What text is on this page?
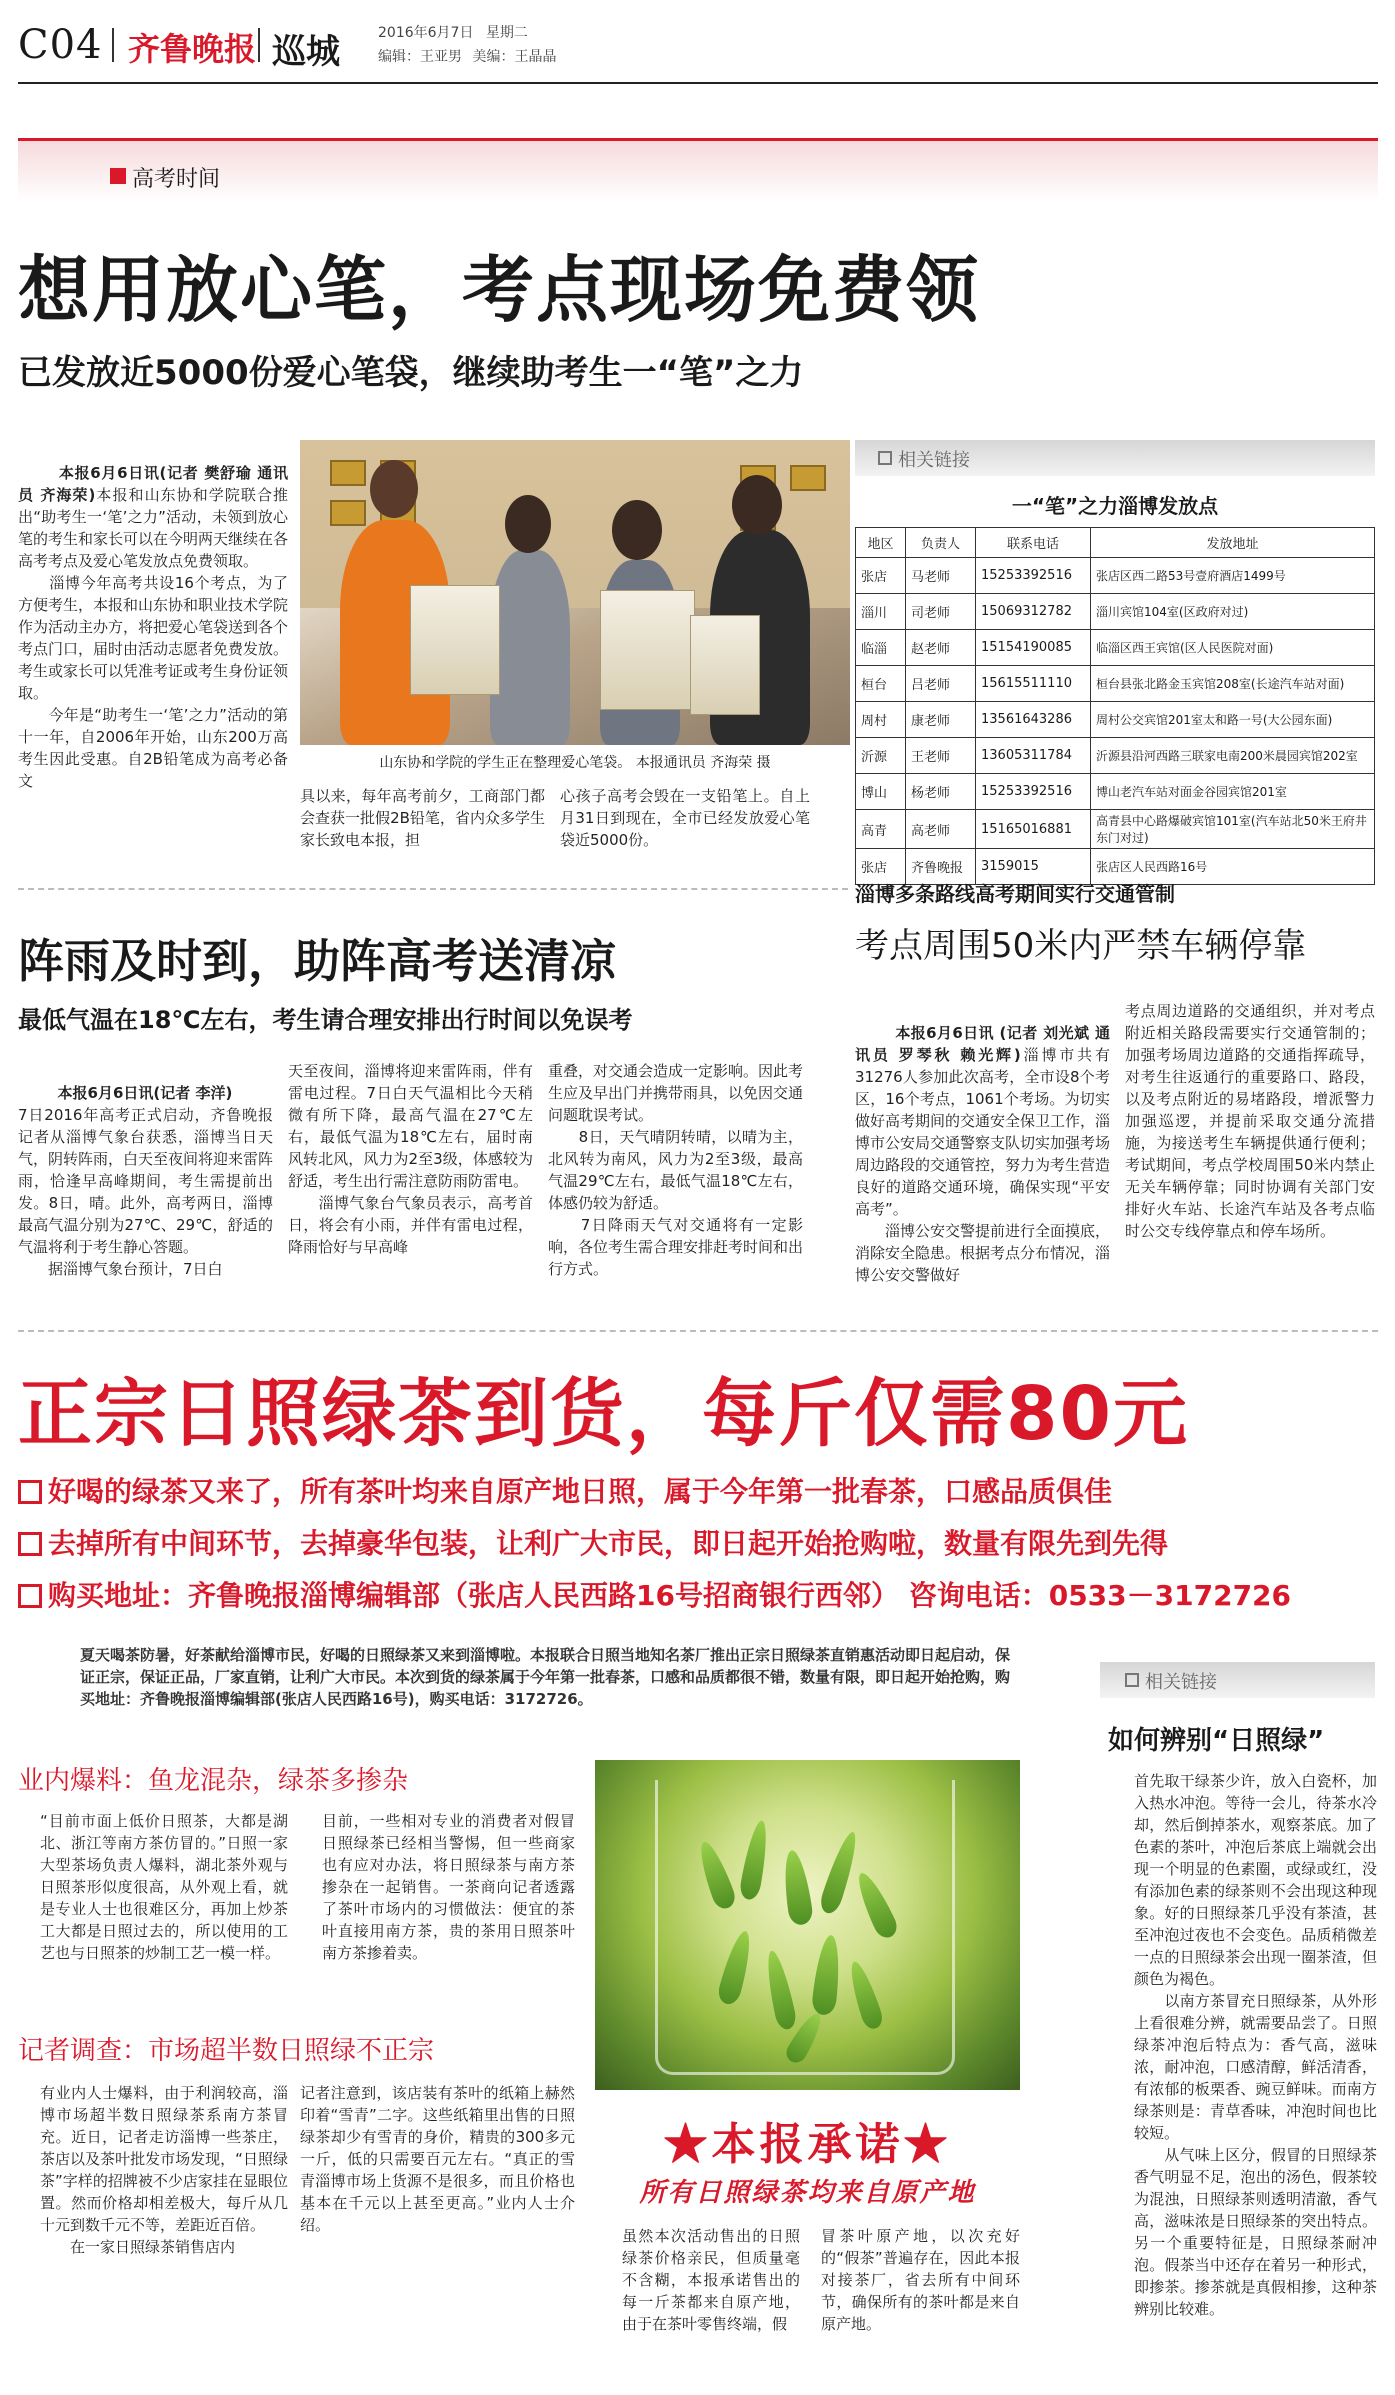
C04 齐鲁晚报 巡城	2016年6月7日 星期二
编辑：王亚男 美编：王晶晶
高考时间
想用放心笔，考点现场免费领
已发放近5000份爱心笔袋，继续助考生一“笔”之力

本报6月6日讯(记者 樊舒瑜 通讯员 齐海荣)本报和山东协和学院联合推出“助考生一‘笔’之力”活动，未领到放心笔的考生和家长可以在今明两天继续在各高考考点及爱心笔发放点免费领取。
　　淄博今年高考共设16个考点，为了方便考生，本报和山东协和职业技术学院作为活动主办方，将把爱心笔袋送到各个考点门口，届时由活动志愿者免费发放。考生或家长可以凭准考证或考生身份证领取。
　　今年是“助考生一‘笔’之力”活动的第十一年，自2006年开始，山东200万高考生因此受惠。自2B铅笔成为高考必备文

山东协和学院的学生正在整理爱心笔袋。 本报通讯员 齐海荣 摄
具以来，每年高考前夕，工商部门都会查获一批假2B铅笔，省内众多学生家长致电本报，担
心孩子高考会毁在一支铅笔上。自上月31日到现在，全市已经发放爱心笔袋近5000份。
相关链接
一“笔”之力淄博发放点
地区	负责人	联系电话	发放地址
张店	马老师	15253392516	张店区西二路53号壹府酒店1499号
淄川	司老师	15069312782	淄川宾馆104室(区政府对过)
临淄	赵老师	15154190085	临淄区西王宾馆(区人民医院对面)
桓台	吕老师	15615511110	桓台县张北路金玉宾馆208室(长途汽车站对面)
周村	康老师	13561643286	周村公交宾馆201室太和路一号(大公园东面)
沂源	王老师	13605311784	沂源县沿河西路三联家电南200米晨园宾馆202室
博山	杨老师	15253392516	博山老汽车站对面金谷园宾馆201室
高青	高老师	15165016881	高青县中心路爆破宾馆101室(汽车站北50米王府井东门对过)
张店	齐鲁晚报	3159015	张店区人民西路16号
阵雨及时到，助阵高考送清凉
最低气温在18℃左右，考生请合理安排出行时间以免误考

本报6月6日讯(记者 李洋)
7日2016年高考正式启动，齐鲁晚报记者从淄博气象台获悉，淄博当日天气，阴转阵雨，白天至夜间将迎来雷阵雨，恰逢早高峰期间，考生需提前出发。8日，晴。此外，高考两日，淄博最高气温分别为27℃、29℃，舒适的气温将利于考生静心答题。
　　据淄博气象台预计，7日白

天至夜间，淄博将迎来雷阵雨，伴有雷电过程。7日白天气温相比今天稍微有所下降，最高气温在27℃左右，最低气温为18℃左右，届时南风转北风，风力为2至3级，体感较为舒适，考生出行需注意防雨防雷电。
　　淄博气象台气象员表示，高考首日，将会有小雨，并伴有雷电过程，降雨恰好与早高峰
重叠，对交通会造成一定影响。因此考生应及早出门并携带雨具，以免因交通问题耽误考试。
　　8日，天气晴阴转晴，以晴为主，北风转为南风，风力为2至3级，最高气温29℃左右，最低气温18℃左右，体感仍较为舒适。
　　7日降雨天气对交通将有一定影响，各位考生需合理安排赶考时间和出行方式。
淄博多条路线高考期间实行交通管制
考点周围50米内严禁车辆停靠

本报6月6日讯 (记者 刘光斌 通讯员 罗琴秋 赖光辉)淄博市共有31276人参加此次高考，全市设8个考区，16个考点，1061个考场。为切实做好高考期间的交通安全保卫工作，淄博市公安局交通警察支队切实加强考场周边路段的交通管控，努力为考生营造良好的道路交通环境，确保实现“平安高考”。
　　淄博公安交警提前进行全面摸底，消除安全隐患。根据考点分布情况，淄博公安交警做好

考点周边道路的交通组织，并对考点附近相关路段需要实行交通管制的；加强考场周边道路的交通指挥疏导，对考生往返通行的重要路口、路段，以及考点附近的易堵路段，增派警力加强巡逻，并提前采取交通分流措施，为接送考生车辆提供通行便利；考试期间，考点学校周围50米内禁止无关车辆停靠；同时协调有关部门安排好火车站、长途汽车站及各考点临时公交专线停靠点和停车场所。
正宗日照绿茶到货，每斤仅需80元
好喝的绿茶又来了，所有茶叶均来自原产地日照，属于今年第一批春茶，口感品质俱佳
去掉所有中间环节，去掉豪华包装，让利广大市民，即日起开始抢购啦，数量有限先到先得
购买地址：齐鲁晚报淄博编辑部（张店人民西路16号招商银行西邻） 咨询电话：0533－3172726
夏天喝茶防暑，好茶献给淄博市民，好喝的日照绿茶又来到淄博啦。本报联合日照当地知名茶厂推出正宗日照绿茶直销惠活动即日起启动，保证正宗，保证正品，厂家直销，让利广大市民。本次到货的绿茶属于今年第一批春茶，口感和品质都很不错，数量有限，即日起开始抢购，购买地址：齐鲁晚报淄博编辑部(张店人民西路16号)，购买电话：3172726。
业内爆料：鱼龙混杂，绿茶多掺杂
“目前市面上低价日照茶，大都是湖北、浙江等南方茶仿冒的。”日照一家大型茶场负责人爆料，湖北茶外观与日照茶形似度很高，从外观上看，就是专业人士也很难区分，再加上炒茶工大都是日照过去的，所以使用的工艺也与日照茶的炒制工艺一模一样。
目前，一些相对专业的消费者对假冒日照绿茶已经相当警惕，但一些商家也有应对办法，将日照绿茶与南方茶掺杂在一起销售。一茶商向记者透露了茶叶市场内的习惯做法：便宜的茶叶直接用南方茶，贵的茶用日照茶叶南方茶掺着卖。
记者调查：市场超半数日照绿不正宗
有业内人士爆料，由于利润较高，淄博市场超半数日照绿茶系南方茶冒充。近日，记者走访淄博一些茶庄，茶店以及茶叶批发市场发现，“日照绿茶”字样的招牌被不少店家挂在显眼位置。然而价格却相差极大，每斤从几十元到数千元不等，差距近百倍。
　　在一家日照绿茶销售店内
记者注意到，该店装有茶叶的纸箱上赫然印着“雪青”二字。这些纸箱里出售的日照绿茶却少有雪青的身价，精贵的300多元一斤，低的只需要百元左右。“真正的雪青淄博市场上货源不是很多，而且价格也基本在千元以上甚至更高。”业内人士介绍。
★本报承诺★
所有日照绿茶均来自原产地
虽然本次活动售出的日照绿茶价格亲民，但质量毫不含糊，本报承诺售出的每一斤茶都来自原产地，由于在茶叶零售终端，假
冒茶叶原产地，以次充好的“假茶”普遍存在，因此本报对接茶厂，省去所有中间环节，确保所有的茶叶都是来自原产地。
相关链接
如何辨别“日照绿”
首先取干绿茶少许，放入白瓷杯，加入热水冲泡。等待一会儿，待茶水冷却，然后倒掉茶水，观察茶底。加了色素的茶叶，冲泡后茶底上端就会出现一个明显的色素圈，或绿或红，没有添加色素的绿茶则不会出现这种现象。好的日照绿茶几乎没有茶渣，甚至冲泡过夜也不会变色。品质稍微差一点的日照绿茶会出现一圈茶渣，但颜色为褐色。
　　以南方茶冒充日照绿茶，从外形上看很难分辨，就需要品尝了。日照绿茶冲泡后特点为：香气高，滋味浓，耐冲泡，口感清醇，鲜活清香，有浓郁的板栗香、豌豆鲜味。而南方绿茶则是：青草香味，冲泡时间也比较短。
　　从气味上区分，假冒的日照绿茶香气明显不足，泡出的汤色，假茶较为混浊，日照绿茶则透明清澈，香气高，滋味浓是日照绿茶的突出特点。另一个重要特征是，日照绿茶耐冲泡。假茶当中还存在着另一种形式，即掺茶。掺茶就是真假相掺，这种茶辨别比较难。
